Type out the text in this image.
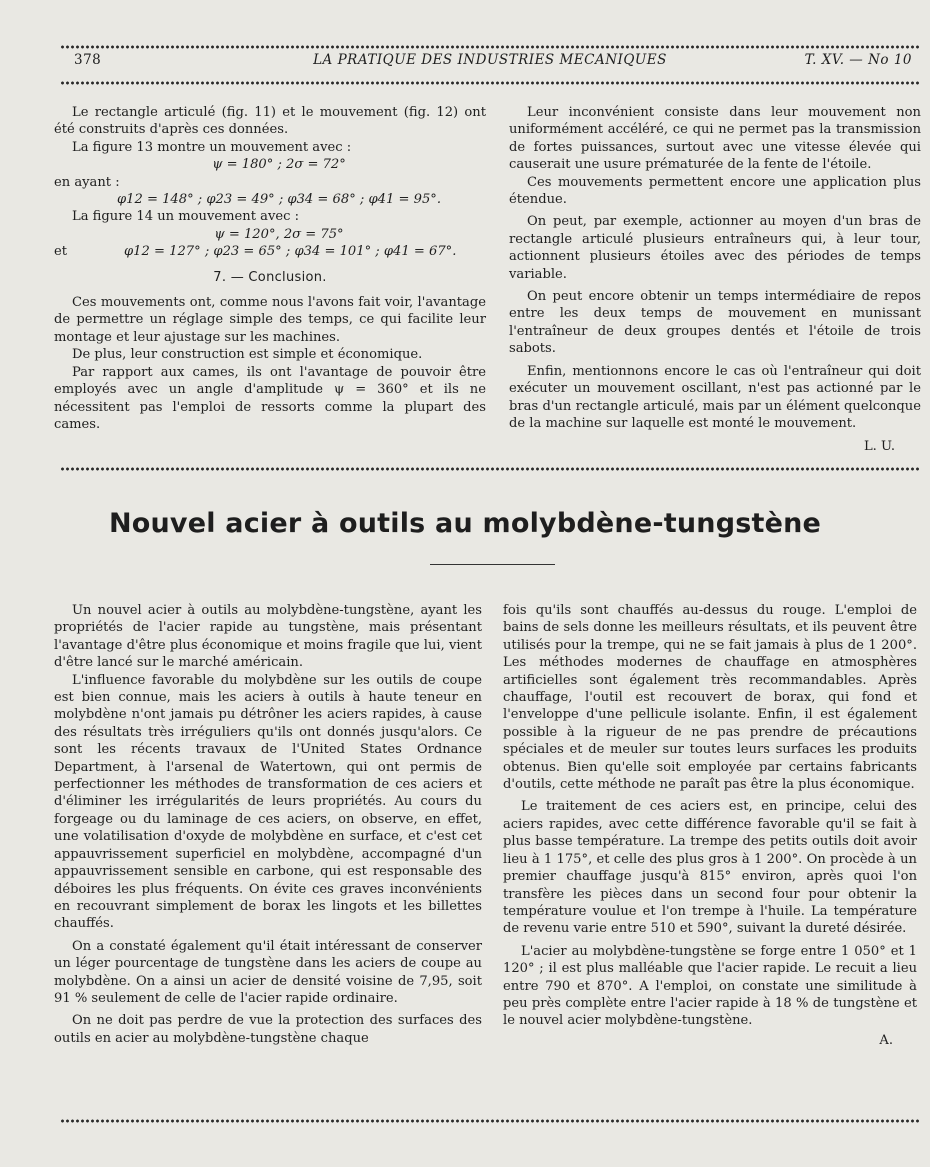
378	LA PRATIQUE DES INDUSTRIES MECANIQUES	T. XV. — No 10

Le rectangle articulé (fig. 11) et le mouvement (fig. 12) ont été construits d'après ces données.

La figure 13 montre un mouvement avec :

ψ = 180° ; 2σ = 72°

en ayant :

φ12 = 148° ; φ23 = 49° ; φ34 = 68° ; φ41 = 95°.

La figure 14 un mouvement avec :

ψ = 120°, 2σ = 75°

et	φ12 = 127° ; φ23 = 65° ; φ34 = 101° ; φ41 = 67°.
7. — Conclusion.

Ces mouvements ont, comme nous l'avons fait voir, l'avantage de permettre un réglage simple des temps, ce qui facilite leur montage et leur ajustage sur les machines.

De plus, leur construction est simple et économique.

Par rapport aux cames, ils ont l'avantage de pouvoir être employés avec un angle d'amplitude ψ = 360° et ils ne nécessitent pas l'emploi de ressorts comme la plupart des cames.

Leur inconvénient consiste dans leur mouvement non uniformément accéléré, ce qui ne permet pas la transmission de fortes puissances, surtout avec une vitesse élevée qui causerait une usure prématurée de la fente de l'étoile.

Ces mouvements permettent encore une application plus étendue.

On peut, par exemple, actionner au moyen d'un bras de rectangle articulé plusieurs entraîneurs qui, à leur tour, actionnent plusieurs étoiles avec des périodes de temps variable.

On peut encore obtenir un temps intermédiaire de repos entre les deux temps de mouvement en munissant l'entraîneur de deux groupes dentés et l'étoile de trois sabots.

Enfin, mentionnons encore le cas où l'entraîneur qui doit exécuter un mouvement oscillant, n'est pas actionné par le bras d'un rectangle articulé, mais par un élément quelconque de la machine sur laquelle est monté le mouvement.

L. U.
Nouvel acier à outils au molybdène-tungstène

Un nouvel acier à outils au molybdène-tungstène, ayant les propriétés de l'acier rapide au tungstène, mais présentant l'avantage d'être plus économique et moins fragile que lui, vient d'être lancé sur le marché américain.

L'influence favorable du molybdène sur les outils de coupe est bien connue, mais les aciers à outils à haute teneur en molybdène n'ont jamais pu détrôner les aciers rapides, à cause des résultats très irréguliers qu'ils ont donnés jusqu'alors. Ce sont les récents travaux de l'United States Ordnance Department, à l'arsenal de Watertown, qui ont permis de perfectionner les méthodes de transformation de ces aciers et d'éliminer les irrégularités de leurs propriétés. Au cours du forgeage ou du laminage de ces aciers, on observe, en effet, une volatilisation d'oxyde de molybdène en surface, et c'est cet appauvrissement superficiel en molybdène, accompagné d'un appauvrissement sensible en carbone, qui est responsable des déboires les plus fréquents. On évite ces graves inconvénients en recouvrant simplement de borax les lingots et les billettes chauffés.

On a constaté également qu'il était intéressant de conserver un léger pourcentage de tungstène dans les aciers de coupe au molybdène. On a ainsi un acier de densité voisine de 7,95, soit 91 % seulement de celle de l'acier rapide ordinaire.

On ne doit pas perdre de vue la protection des surfaces des outils en acier au molybdène-tungstène chaque

fois qu'ils sont chauffés au-dessus du rouge. L'emploi de bains de sels donne les meilleurs résultats, et ils peuvent être utilisés pour la trempe, qui ne se fait jamais à plus de 1 200°. Les méthodes modernes de chauffage en atmosphères artificielles sont également très recommandables. Après chauffage, l'outil est recouvert de borax, qui fond et l'enveloppe d'une pellicule isolante. Enfin, il est également possible à la rigueur de ne pas prendre de précautions spéciales et de meuler sur toutes leurs surfaces les produits obtenus. Bien qu'elle soit employée par certains fabricants d'outils, cette méthode ne paraît pas être la plus économique.

Le traitement de ces aciers est, en principe, celui des aciers rapides, avec cette différence favorable qu'il se fait à plus basse température. La trempe des petits outils doit avoir lieu à 1 175°, et celle des plus gros à 1 200°. On procède à un premier chauffage jusqu'à 815° environ, après quoi l'on transfère les pièces dans un second four pour obtenir la température voulue et l'on trempe à l'huile. La température de revenu varie entre 510 et 590°, suivant la dureté désirée.

L'acier au molybdène-tungstène se forge entre 1 050° et 1 120° ; il est plus malléable que l'acier rapide. Le recuit a lieu entre 790 et 870°. A l'emploi, on constate une similitude à peu près complète entre l'acier rapide à 18 % de tungstène et le nouvel acier molybdène-tungstène.

A.
